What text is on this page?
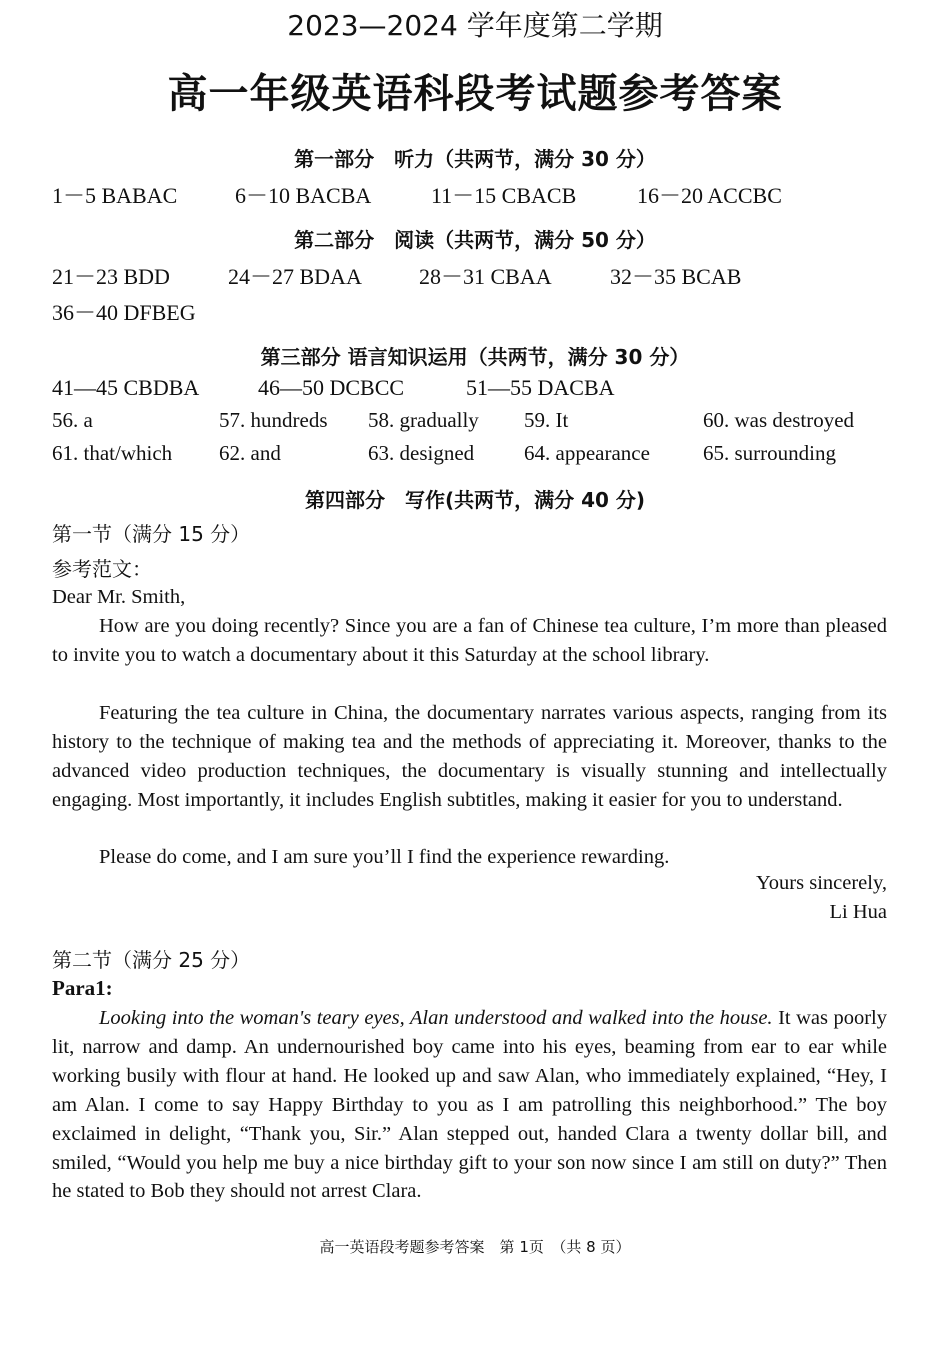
2023—2024 学年度第二学期
高一年级英语科段考试题参考答案
第一部分　听力（共两节，满分 30 分）
1－5 BABAC	6－10 BACBA	11－15 CBACB	16－20 ACCBC
第二部分　阅读（共两节，满分 50 分）
21－23 BDD	24－27 BDAA	28－31 CBAA	32－35 BCAB
36－40 DFBEG
第三部分 语言知识运用（共两节，满分 30 分）
41—45 CBDBA	46—50 DCBCC	51—55 DACBA
56. a	57. hundreds 58. gradually 59. It	60. was destroyed
61. that/which 62. and	63. designed 64. appearance	65. surrounding
第四部分　写作(共两节，满分 40 分)
第一节（满分 15 分）
参考范文：
Dear Mr. Smith,
How are you doing recently? Since you are a fan of Chinese tea culture, I’m more than pleased to invite you to watch a documentary about it this Saturday at the school library.
Featuring the tea culture in China, the documentary narrates various aspects, ranging from its history to the technique of making tea and the methods of appreciating it. Moreover, thanks to the advanced video production techniques, the documentary is visually stunning and intellectually engaging. Most importantly, it includes English subtitles, making it easier for you to understand.
Please do come, and I am sure you’ll I find the experience rewarding.
Yours sincerely,
Li Hua
第二节（满分 25 分）
Para1:
Looking into the woman's teary eyes, Alan understood and walked into the house. It was poorly lit, narrow and damp. An undernourished boy came into his eyes, beaming from ear to ear while working busily with flour at hand. He looked up and saw Alan, who immediately explained, “Hey, I am Alan. I come to say Happy Birthday to you as I am patrolling this neighborhood.” The boy exclaimed in delight, “Thank you, Sir.” Alan stepped out, handed Clara a twenty dollar bill, and smiled, “Would you help me buy a nice birthday gift to your son now since I am still on duty?” Then he stated to Bob they should not arrest Clara.
高一英语段考题参考答案　第 1页　（共 8 页）
